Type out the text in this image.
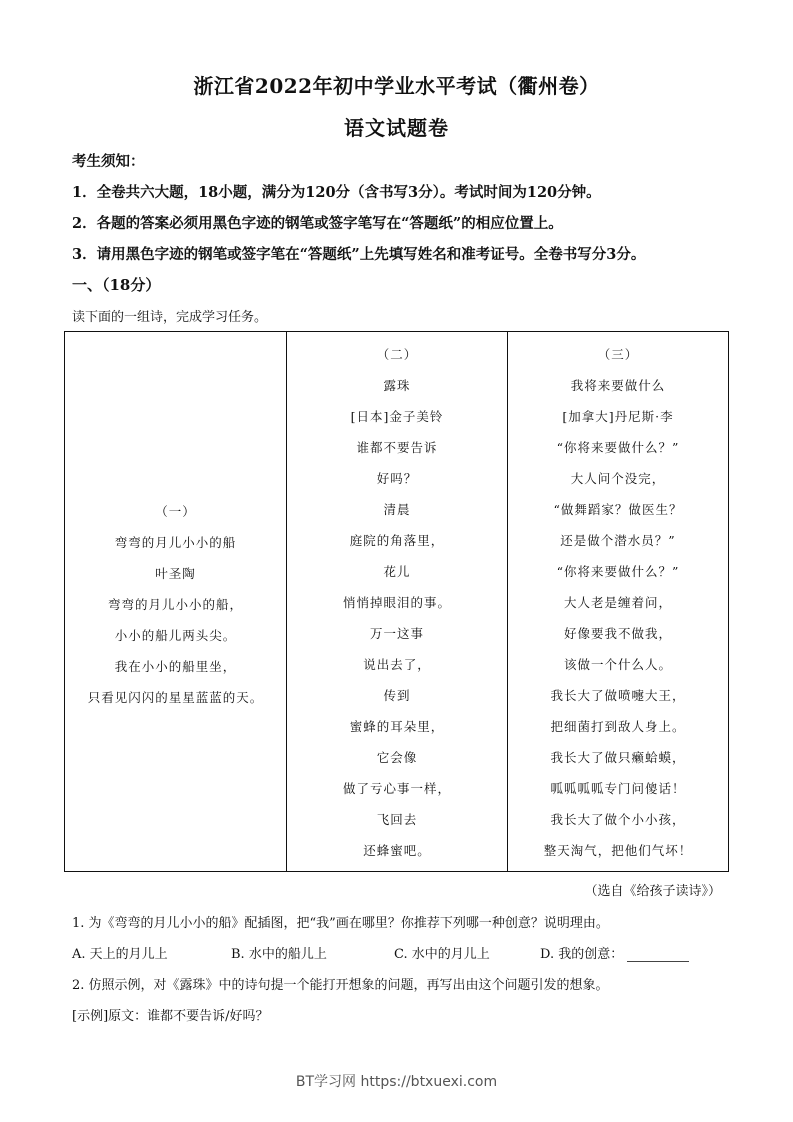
浙江省2022年初中学业水平考试（衢州卷）
语文试题卷
考生须知：
1．全卷共六大题，18小题，满分为120分（含书写3分）。考试时间为120分钟。
2．各题的答案必须用黑色字迹的钢笔或签字笔写在“答题纸”的相应位置上。
3．请用黑色字迹的钢笔或签字笔在“答题纸”上先填写姓名和准考证号。全卷书写分3分。
一、（18分）
读下面的一组诗，完成学习任务。
（一）
弯弯的月儿小小的船
叶圣陶
弯弯的月儿小小的船，
小小的船儿两头尖。
我在小小的船里坐，
只看见闪闪的星星蓝蓝的天。
（二）
露珠
[日本]金子美铃
谁都不要告诉
好吗？
清晨
庭院的角落里，
花儿
悄悄掉眼泪的事。
万一这事
说出去了，
传到
蜜蜂的耳朵里，
它会像
做了亏心事一样，
飞回去
还蜂蜜吧。
（三）
我将来要做什么
[加拿大]丹尼斯·李
“你将来要做什么？”
大人问个没完，
“做舞蹈家？做医生？
还是做个潜水员？”
“你将来要做什么？”
大人老是缠着问，
好像要我不做我，
该做一个什么人。
我长大了做喷嚏大王，
把细菌打到敌人身上。
我长大了做只癞蛤蟆，
呱呱呱呱专门问傻话！
我长大了做个小小孩，
整天淘气，把他们气坏！
（选自《给孩子读诗》）
1. 为《弯弯的月儿小小的船》配插图，把“我”画在哪里？你推荐下列哪一种创意？说明理由。
A. 天上的月儿上	B. 水中的船儿上	C. 水中的月儿上	D. 我的创意：
2. 仿照示例，对《露珠》中的诗句提一个能打开想象的问题，再写出由这个问题引发的想象。
[示例]原文：谁都不要告诉/好吗？
BT学习网 https://btxuexi.com
